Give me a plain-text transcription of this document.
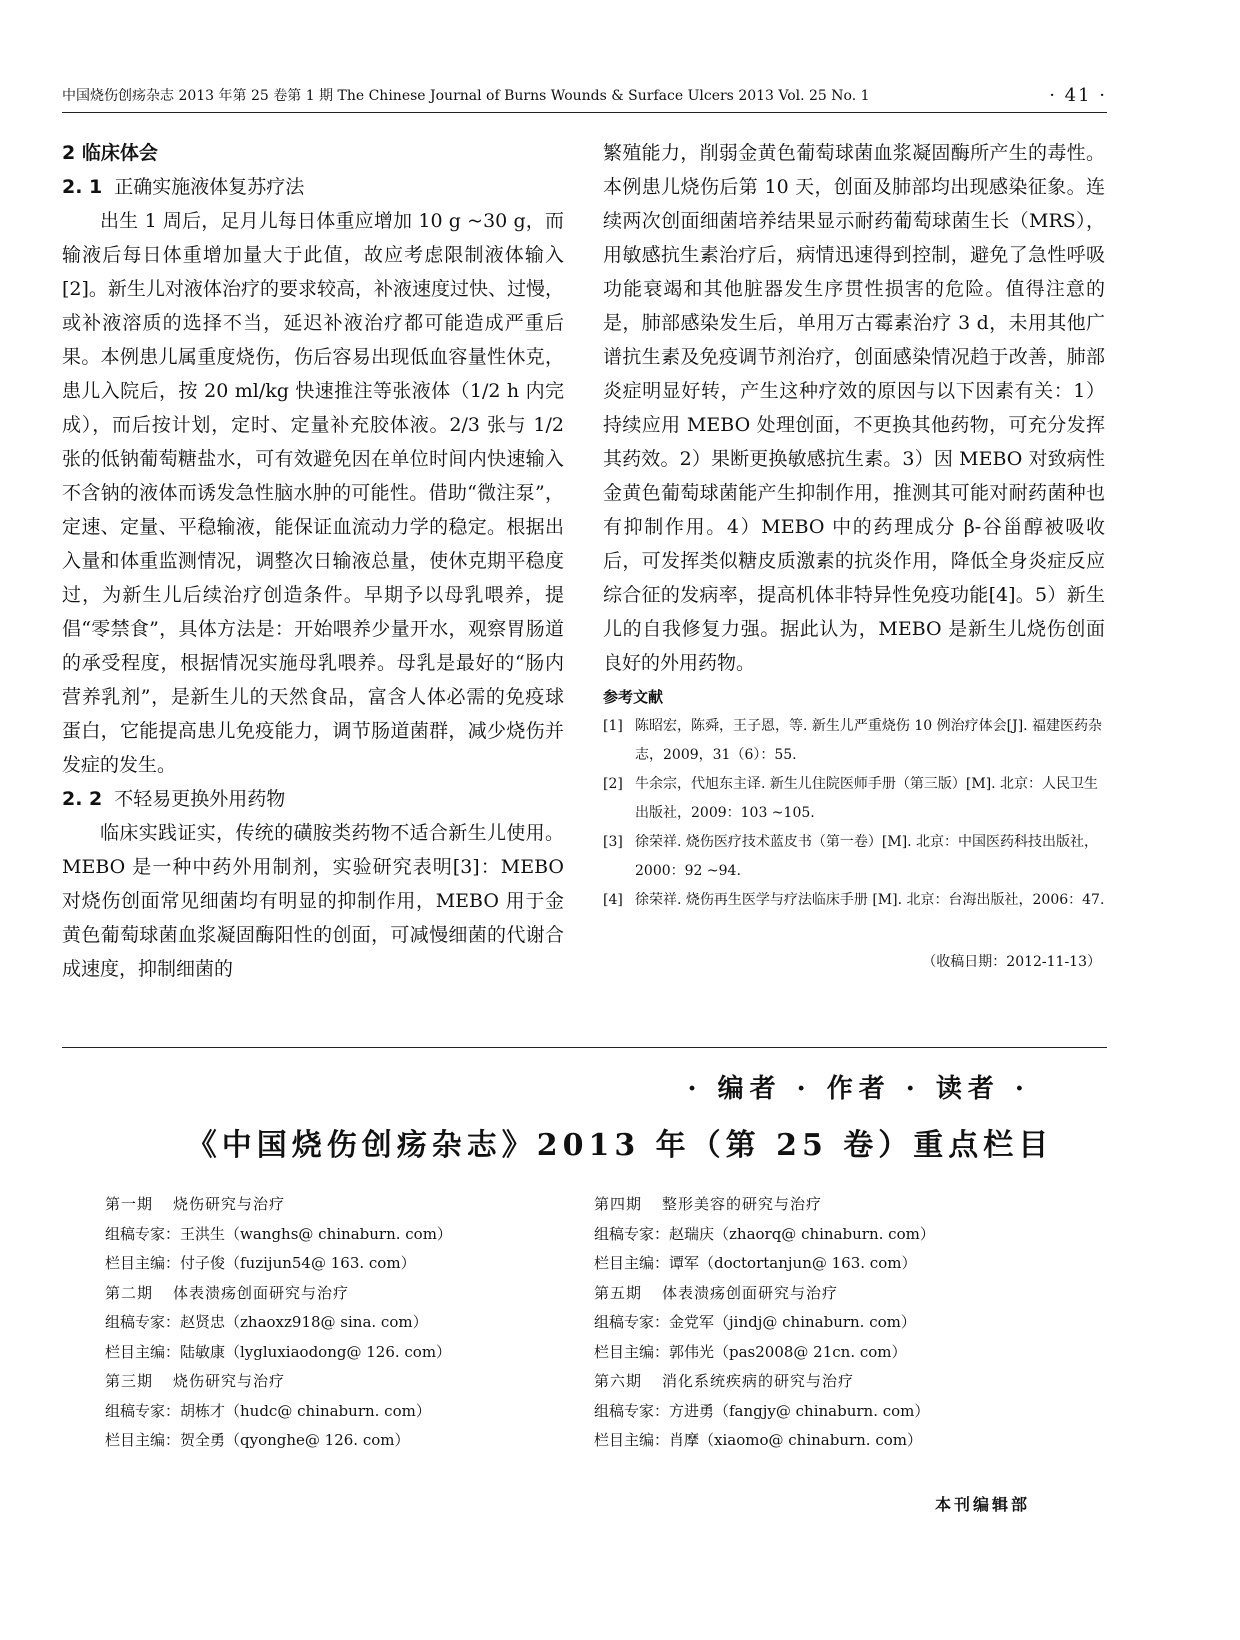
中国烧伤创疡杂志 2013 年第 25 卷第 1 期 The Chinese Journal of Burns Wounds & Surface Ulcers 2013 Vol. 25 No. 1	· 41 ·
2 临床体会
2. 1 正确实施液体复苏疗法
出生 1 周后，足月儿每日体重应增加 10 g ~30 g，而输液后每日体重增加量大于此值，故应考虑限制液体输入[2]。新生儿对液体治疗的要求较高，补液速度过快、过慢，或补液溶质的选择不当，延迟补液治疗都可能造成严重后果。本例患儿属重度烧伤，伤后容易出现低血容量性休克，患儿入院后，按 20 ml/kg 快速推注等张液体（1/2 h 内完成），而后按计划，定时、定量补充胶体液。2/3 张与 1/2 张的低钠葡萄糖盐水，可有效避免因在单位时间内快速输入不含钠的液体而诱发急性脑水肿的可能性。借助“微注泵”，定速、定量、平稳输液，能保证血流动力学的稳定。根据出入量和体重监测情况，调整次日输液总量，使休克期平稳度过，为新生儿后续治疗创造条件。早期予以母乳喂养，提倡“零禁食”，具体方法是：开始喂养少量开水，观察胃肠道的承受程度，根据情况实施母乳喂养。母乳是最好的“肠内营养乳剂”，是新生儿的天然食品，富含人体必需的免疫球蛋白，它能提高患儿免疫能力，调节肠道菌群，减少烧伤并发症的发生。
2. 2 不轻易更换外用药物
临床实践证实，传统的磺胺类药物不适合新生儿使用。MEBO 是一种中药外用制剂，实验研究表明[3]：MEBO 对烧伤创面常见细菌均有明显的抑制作用，MEBO 用于金黄色葡萄球菌血浆凝固酶阳性的创面，可减慢细菌的代谢合成速度，抑制细菌的
繁殖能力，削弱金黄色葡萄球菌血浆凝固酶所产生的毒性。本例患儿烧伤后第 10 天，创面及肺部均出现感染征象。连续两次创面细菌培养结果显示耐药葡萄球菌生长（MRS），用敏感抗生素治疗后，病情迅速得到控制，避免了急性呼吸功能衰竭和其他脏器发生序贯性损害的危险。值得注意的是，肺部感染发生后，单用万古霉素治疗 3 d，未用其他广谱抗生素及免疫调节剂治疗，创面感染情况趋于改善，肺部炎症明显好转，产生这种疗效的原因与以下因素有关：1）持续应用 MEBO 处理创面，不更换其他药物，可充分发挥其药效。2）果断更换敏感抗生素。3）因 MEBO 对致病性金黄色葡萄球菌能产生抑制作用，推测其可能对耐药菌种也有抑制作用。4）MEBO 中的药理成分 β-谷甾醇被吸收后，可发挥类似糖皮质激素的抗炎作用，降低全身炎症反应综合征的发病率，提高机体非特异性免疫功能[4]。5）新生儿的自我修复力强。据此认为，MEBO 是新生儿烧伤创面良好的外用药物。
参考文献
[1] 陈昭宏，陈舜，王子恩，等. 新生儿严重烧伤 10 例治疗体会[J]. 福建医药杂志，2009，31（6）：55.
[2] 牛余宗，代旭东主译. 新生儿住院医师手册（第三版）[M]. 北京：人民卫生出版社，2009：103 ~105.
[3] 徐荣祥. 烧伤医疗技术蓝皮书（第一卷）[M]. 北京：中国医药科技出版社，2000：92 ~94.
[4] 徐荣祥. 烧伤再生医学与疗法临床手册 [M]. 北京：台海出版社，2006：47.
（收稿日期：2012-11-13）
· 编者 · 作者 · 读者 ·
《中国烧伤创疡杂志》2013 年（第 25 卷）重点栏目
第一期 烧伤研究与治疗
组稿专家：王洪生（wanghs@ chinaburn. com）
栏目主编：付子俊（fuzijun54@ 163. com）
第二期 体表溃疡创面研究与治疗
组稿专家：赵贤忠（zhaoxz918@ sina. com）
栏目主编：陆敏康（lygluxiaodong@ 126. com）
第三期 烧伤研究与治疗
组稿专家：胡栋才（hudc@ chinaburn. com）
栏目主编：贺全勇（qyonghe@ 126. com）
第四期 整形美容的研究与治疗
组稿专家：赵瑞庆（zhaorq@ chinaburn. com）
栏目主编：谭军（doctortanjun@ 163. com）
第五期 体表溃疡创面研究与治疗
组稿专家：金党军（jindj@ chinaburn. com）
栏目主编：郭伟光（pas2008@ 21cn. com）
第六期 消化系统疾病的研究与治疗
组稿专家：方进勇（fangjy@ chinaburn. com）
栏目主编：肖摩（xiaomo@ chinaburn. com）
本刊编辑部
